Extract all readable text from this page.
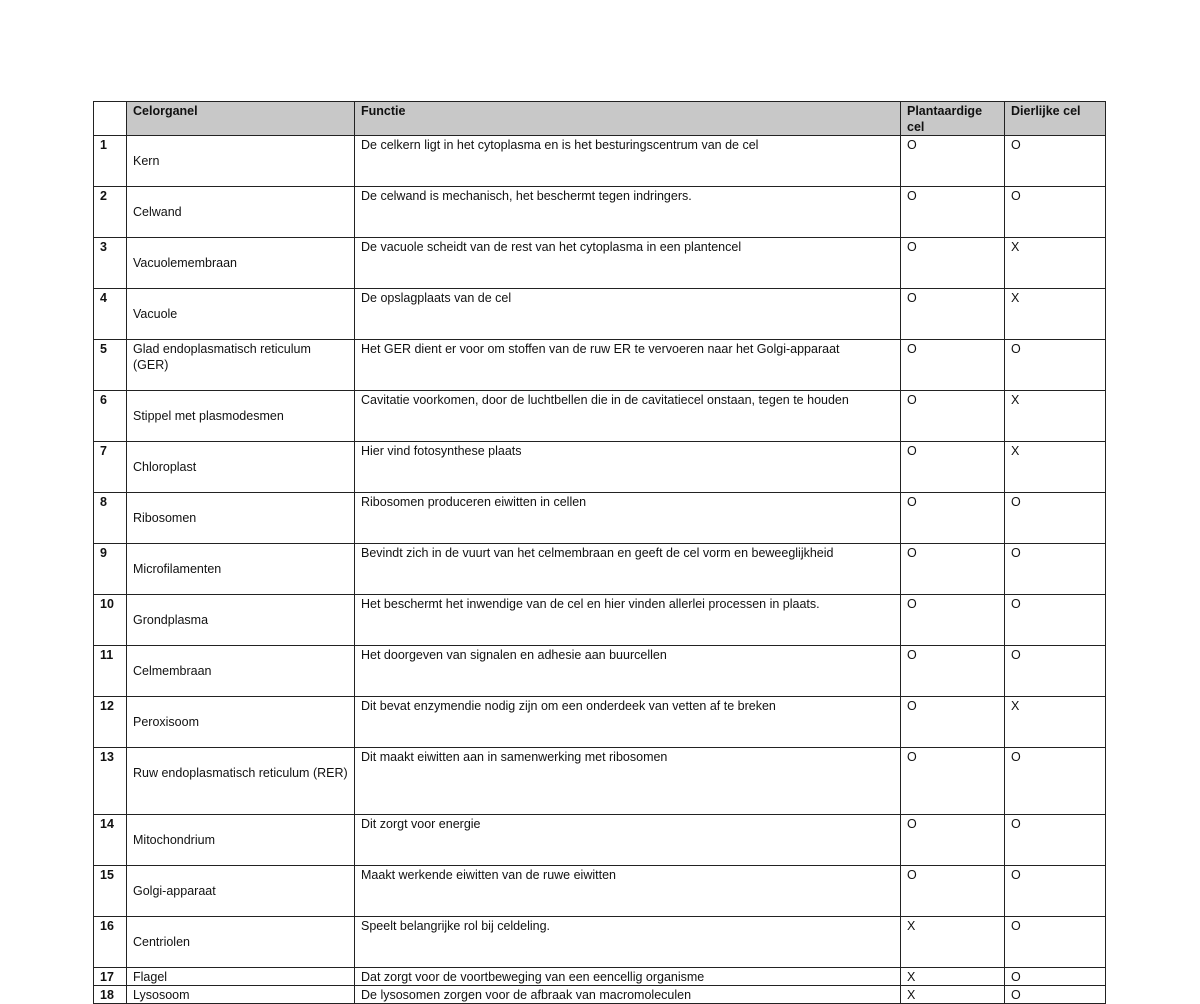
	Celorganel	Functie	Plantaardige cel	Dierlijke cel
1	Kern	De celkern ligt in het cytoplasma en is het besturingscentrum van de cel	O	O
2	Celwand	De celwand is mechanisch, het beschermt tegen indringers.	O	O
3	Vacuolemembraan	De vacuole scheidt van de rest van het cytoplasma in een plantencel	O	X
4	Vacuole	De opslagplaats van de cel	O	X
5	Glad endoplasmatisch reticulum (GER)	Het GER dient er voor om stoffen van de ruw ER te vervoeren naar het Golgi-apparaat	O	O
6	Stippel met plasmodesmen	Cavitatie voorkomen, door de luchtbellen die in de cavitatiecel onstaan, tegen te houden	O	X
7	Chloroplast	Hier vind fotosynthese plaats	O	X
8	Ribosomen	Ribosomen produceren eiwitten in cellen	O	O
9	Microfilamenten	Bevindt zich in de vuurt van het celmembraan en geeft de cel vorm en beweeglijkheid	O	O
10	Grondplasma	Het beschermt het inwendige van de cel en hier vinden allerlei processen in plaats.	O	O
11	Celmembraan	Het doorgeven van signalen en adhesie aan buurcellen	O	O
12	Peroxisoom	Dit bevat enzymendie nodig zijn om een onderdeek van vetten af te breken	O	X
13	Ruw endoplasmatisch reticulum (RER)	Dit maakt eiwitten aan in samenwerking met ribosomen	O	O
14	Mitochondrium	Dit zorgt voor energie	O	O
15	Golgi-apparaat	Maakt werkende eiwitten van de ruwe eiwitten	O	O
16	Centriolen	Speelt belangrijke rol bij celdeling.	X	O
17	Flagel	Dat zorgt voor de voortbeweging van een eencellig organisme	X	O
18	Lysosoom	De lysosomen zorgen voor de afbraak van macromoleculen	X	O
